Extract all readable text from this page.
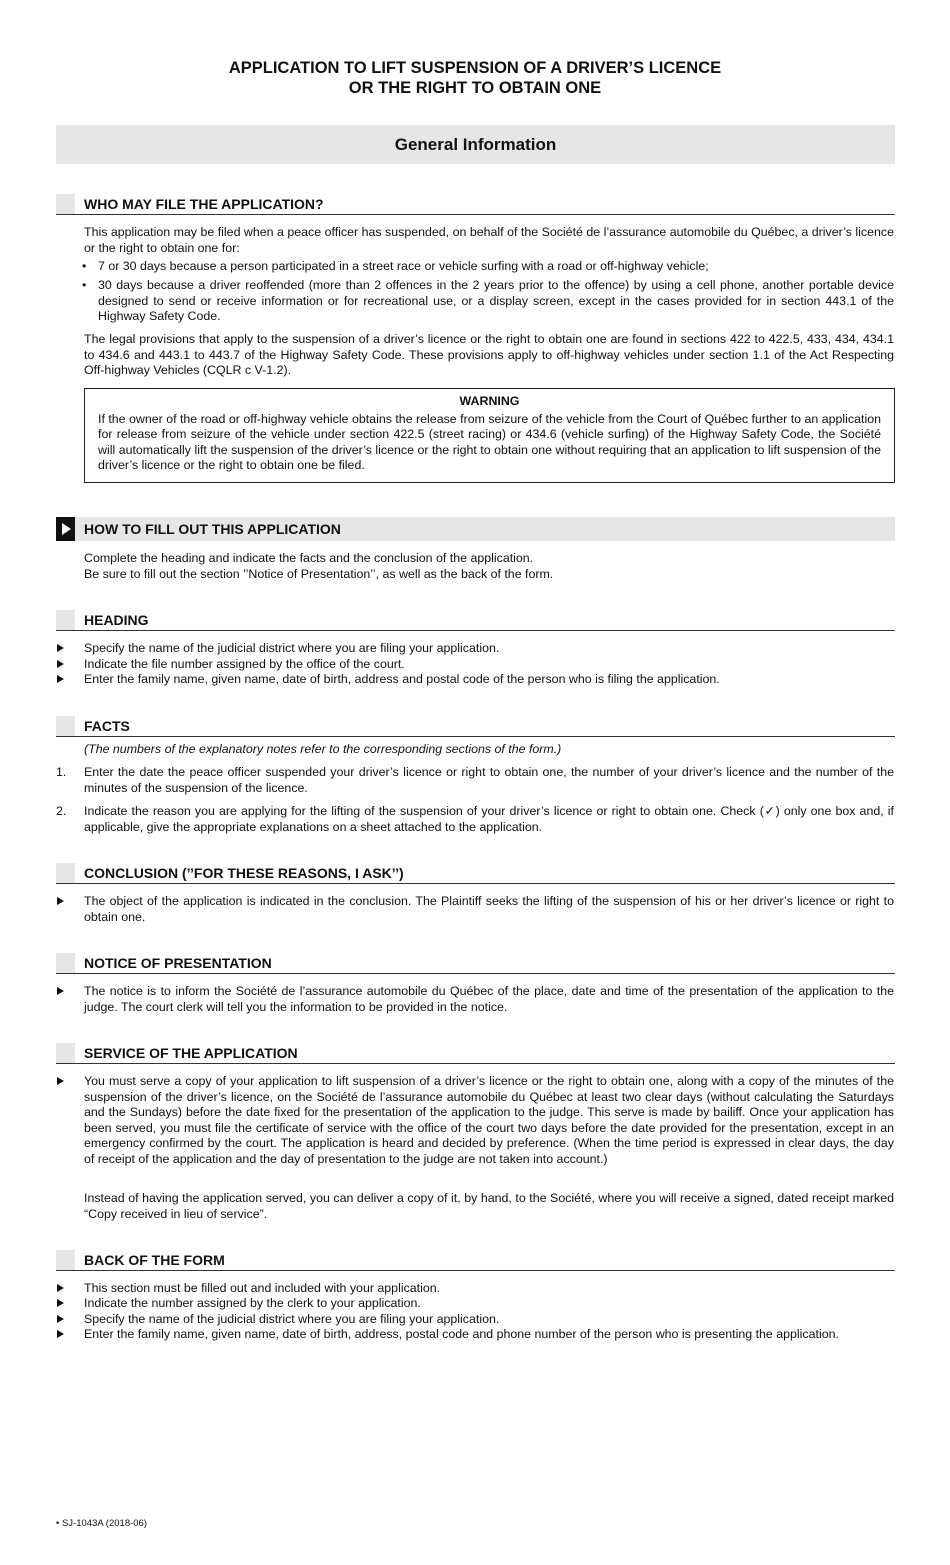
APPLICATION TO LIFT SUSPENSION OF A DRIVER’S LICENCE
OR THE RIGHT TO OBTAIN ONE
General Information
WHO MAY FILE THE APPLICATION?
This application may be filed when a peace officer has suspended, on behalf of the Société de l’assurance automobile du Québec, a driver’s licence or the right to obtain one for:
• 7 or 30 days because a person participated in a street race or vehicle surfing with a road or off-highway vehicle;
• 30 days because a driver reoffended (more than 2 offences in the 2 years prior to the offence) by using a cell phone, another portable device designed to send or receive information or for recreational use, or a display screen, except in the cases provided for in section 443.1 of the Highway Safety Code.
The legal provisions that apply to the suspension of a driver’s licence or the right to obtain one are found in sections 422 to 422.5, 433, 434, 434.1 to 434.6 and 443.1 to 443.7 of the Highway Safety Code. These provisions apply to off-highway vehicles under section 1.1 of the Act Respecting Off-highway Vehicles (CQLR c V-1.2).
WARNING
If the owner of the road or off-highway vehicle obtains the release from seizure of the vehicle from the Court of Québec further to an application for release from seizure of the vehicle under section 422.5 (street racing) or 434.6 (vehicle surfing) of the Highway Safety Code, the Société will automatically lift the suspension of the driver’s licence or the right to obtain one without requiring that an application to lift suspension of the driver’s licence or the right to obtain one be filed.
HOW TO FILL OUT THIS APPLICATION
Complete the heading and indicate the facts and the conclusion of the application.
Be sure to fill out the section ’’Notice of Presentation’’, as well as the back of the form.
HEADING
Specify the name of the judicial district where you are filing your application.
Indicate the file number assigned by the office of the court.
Enter the family name, given name, date of birth, address and postal code of the person who is filing the application.
FACTS
(The numbers of the explanatory notes refer to the corresponding sections of the form.)
1.	Enter the date the peace officer suspended your driver’s licence or right to obtain one, the number of your driver’s licence and the number of the minutes of the suspension of the licence.
2.	Indicate the reason you are applying for the lifting of the suspension of your driver’s licence or right to obtain one. Check (✓) only one box and, if applicable, give the appropriate explanations on a sheet attached to the application.
CONCLUSION (’’FOR THESE REASONS, I ASK’’)
The object of the application is indicated in the conclusion. The Plaintiff seeks the lifting of the suspension of his or her driver’s licence or right to obtain one.
NOTICE OF PRESENTATION
The notice is to inform the Société de l’assurance automobile du Québec of the place, date and time of the presentation of the application to the judge. The court clerk will tell you the information to be provided in the notice.
SERVICE OF THE APPLICATION
You must serve a copy of your application to lift suspension of a driver’s licence or the right to obtain one, along with a copy of the minutes of the suspension of the driver’s licence, on the Société de l’assurance automobile du Québec at least two clear days (without calculating the Saturdays and the Sundays) before the date fixed for the presentation of the application to the judge. This serve is made by bailiff. Once your application has been served, you must file the certificate of service with the office of the court two days before the date provided for the presentation, except in an emergency confirmed by the court. The application is heard and decided by preference. (When the time period is expressed in clear days, the day of receipt of the application and the day of presentation to the judge are not taken into account.)
Instead of having the application served, you can deliver a copy of it, by hand, to the Société, where you will receive a signed, dated receipt marked “Copy received in lieu of service”.
BACK OF THE FORM
This section must be filled out and included with your application.
Indicate the number assigned by the clerk to your application.
Specify the name of the judicial district where you are filing your application.
Enter the family name, given name, date of birth, address, postal code and phone number of the person who is presenting the application.
• SJ-1043A (2018-06)
